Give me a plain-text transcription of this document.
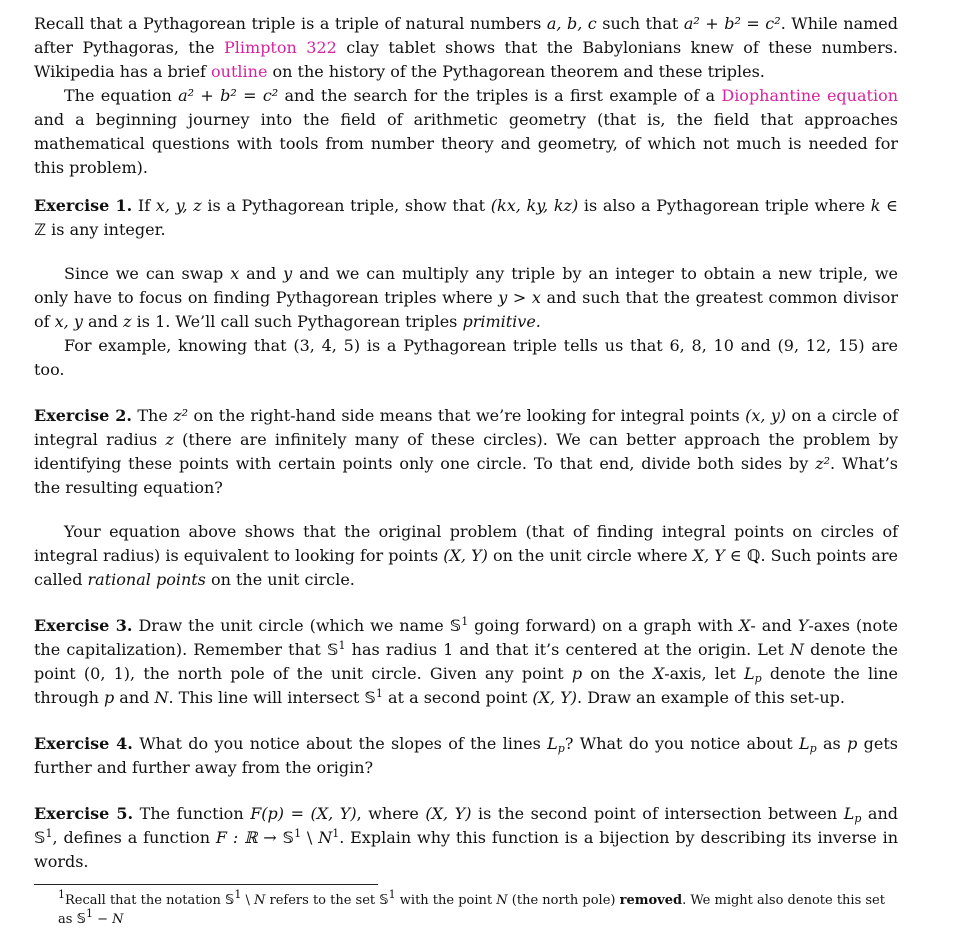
Recall that a Pythagorean triple is a triple of natural numbers a, b, c such that a² + b² = c². While named after Pythagoras, the Plimpton 322 clay tablet shows that the Babylonians knew of these numbers. Wikipedia has a brief outline on the history of the Pythagorean theorem and these triples.

The equation a² + b² = c² and the search for the triples is a first example of a Diophantine equation and a beginning journey into the field of arithmetic geometry (that is, the field that approaches mathematical questions with tools from number theory and geometry, of which not much is needed for this problem).

Exercise 1. If x, y, z is a Pythagorean triple, show that (kx, ky, kz) is also a Pythagorean triple where k ∈ ℤ is any integer.

Since we can swap x and y and we can multiply any triple by an integer to obtain a new triple, we only have to focus on finding Pythagorean triples where y > x and such that the greatest common divisor of x, y and z is 1. We’ll call such Pythagorean triples primitive.

For example, knowing that (3, 4, 5) is a Pythagorean triple tells us that 6, 8, 10 and (9, 12, 15) are too.

Exercise 2. The z² on the right-hand side means that we’re looking for integral points (x, y) on a circle of integral radius z (there are infinitely many of these circles). We can better approach the problem by identifying these points with certain points only one circle. To that end, divide both sides by z². What’s the resulting equation?

Your equation above shows that the original problem (that of finding integral points on circles of integral radius) is equivalent to looking for points (X, Y) on the unit circle where X, Y ∈ ℚ. Such points are called rational points on the unit circle.

Exercise 3. Draw the unit circle (which we name 𝕊$^1$ going forward) on a graph with X- and Y-axes (note the capitalization). Remember that 𝕊$^1$ has radius 1 and that it’s centered at the origin. Let N denote the point (0, 1), the north pole of the unit circle. Given any point p on the X-axis, let $L_p$ denote the line through p and N. This line will intersect 𝕊$^1$ at a second point (X, Y). Draw an example of this set-up.

Exercise 4. What do you notice about the slopes of the lines $L_p$? What do you notice about $L_p$ as p gets further and further away from the origin?

Exercise 5. The function F(p) = (X, Y), where (X, Y) is the second point of intersection between $L_p$ and 𝕊$^1$, defines a function F : ℝ → 𝕊$^1$ \ $N^1$. Explain why this function is a bijection by describing its inverse in words.

$^1$Recall that the notation 𝕊$^1$ \ N refers to the set 𝕊$^1$ with the point N (the north pole) removed. We might also denote this set as 𝕊$^1$ − N
